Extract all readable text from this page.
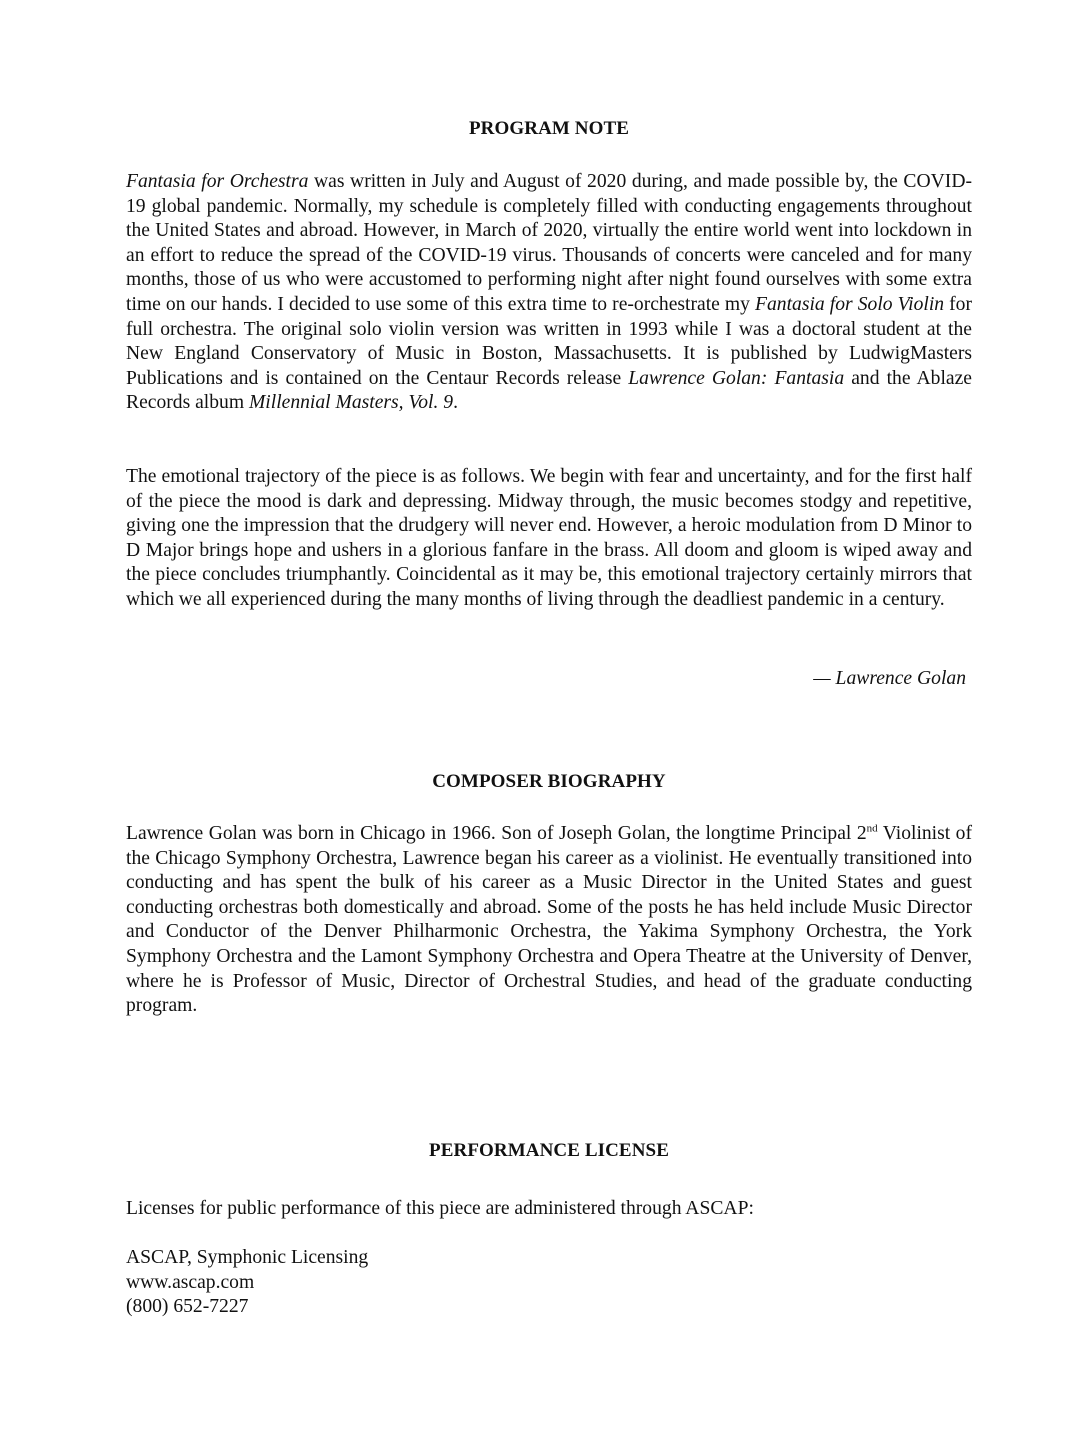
PROGRAM NOTE
Fantasia for Orchestra was written in July and August of 2020 during, and made possible by, the COVID-19 global pandemic. Normally, my schedule is completely filled with conducting engagements throughout the United States and abroad. However, in March of 2020, virtually the entire world went into lockdown in an effort to reduce the spread of the COVID-19 virus. Thousands of concerts were canceled and for many months, those of us who were accustomed to performing night after night found ourselves with some extra time on our hands. I decided to use some of this extra time to re-orchestrate my Fantasia for Solo Violin for full orchestra. The original solo violin version was written in 1993 while I was a doctoral student at the New England Conservatory of Music in Boston, Massachusetts. It is published by LudwigMasters Publications and is contained on the Centaur Records release Lawrence Golan: Fantasia and the Ablaze Records album Millennial Masters, Vol. 9.
The emotional trajectory of the piece is as follows. We begin with fear and uncertainty, and for the first half of the piece the mood is dark and depressing. Midway through, the music becomes stodgy and repetitive, giving one the impression that the drudgery will never end. However, a heroic modulation from D Minor to D Major brings hope and ushers in a glorious fanfare in the brass. All doom and gloom is wiped away and the piece concludes triumphantly. Coincidental as it may be, this emotional trajectory certainly mirrors that which we all experienced during the many months of living through the deadliest pandemic in a century.
— Lawrence Golan
COMPOSER BIOGRAPHY
Lawrence Golan was born in Chicago in 1966. Son of Joseph Golan, the longtime Principal 2nd Violinist of the Chicago Symphony Orchestra, Lawrence began his career as a violinist. He eventually transitioned into conducting and has spent the bulk of his career as a Music Director in the United States and guest conducting orchestras both domestically and abroad. Some of the posts he has held include Music Director and Conductor of the Denver Philharmonic Orchestra, the Yakima Symphony Orchestra, the York Symphony Orchestra and the Lamont Symphony Orchestra and Opera Theatre at the University of Denver, where he is Professor of Music, Director of Orchestral Studies, and head of the graduate conducting program.
PERFORMANCE LICENSE
Licenses for public performance of this piece are administered through ASCAP:
ASCAP, Symphonic Licensing
www.ascap.com
(800) 652-7227
